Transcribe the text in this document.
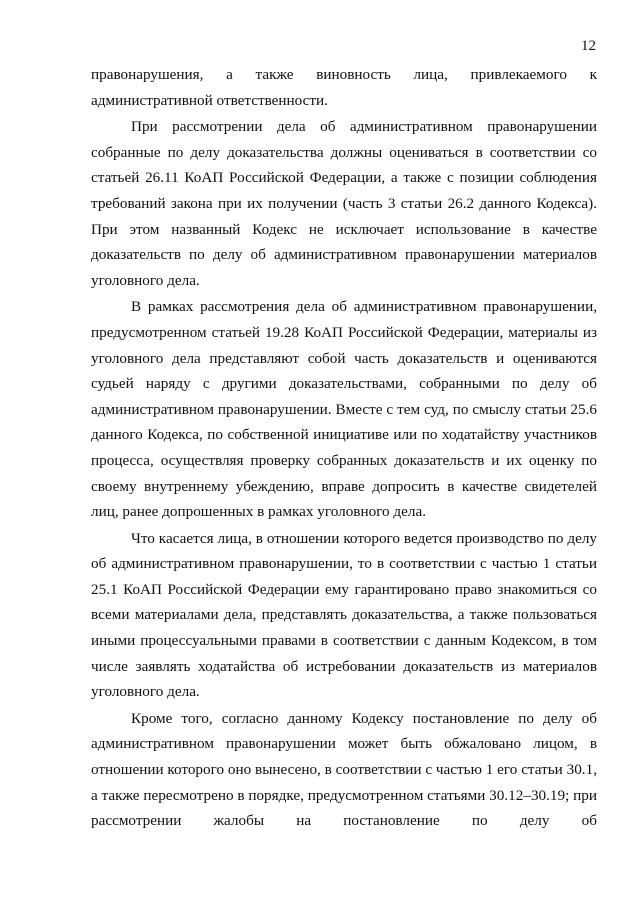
12

правонарушения, а также виновность лица, привлекаемого к административной ответственности.

При рассмотрении дела об административном правонарушении собранные по делу доказательства должны оцениваться в соответствии со статьей 26.11 КоАП Российской Федерации, а также с позиции соблюдения требований закона при их получении (часть 3 статьи 26.2 данного Кодекса). При этом названный Кодекс не исключает использование в качестве доказательств по делу об административном правонарушении материалов уголовного дела.

В рамках рассмотрения дела об административном правонарушении, предусмотренном статьей 19.28 КоАП Российской Федерации, материалы из уголовного дела представляют собой часть доказательств и оцениваются судьей наряду с другими доказательствами, собранными по делу об административном правонарушении. Вместе с тем суд, по смыслу статьи 25.6 данного Кодекса, по собственной инициативе или по ходатайству участников процесса, осуществляя проверку собранных доказательств и их оценку по своему внутреннему убеждению, вправе допросить в качестве свидетелей лиц, ранее допрошенных в рамках уголовного дела.

Что касается лица, в отношении которого ведется производство по делу об административном правонарушении, то в соответствии с частью 1 статьи 25.1 КоАП Российской Федерации ему гарантировано право знакомиться со всеми материалами дела, представлять доказательства, а также пользоваться иными процессуальными правами в соответствии с данным Кодексом, в том числе заявлять ходатайства об истребовании доказательств из материалов уголовного дела.

Кроме того, согласно данному Кодексу постановление по делу об административном правонарушении может быть обжаловано лицом, в отношении которого оно вынесено, в соответствии с частью 1 его статьи 30.1, а также пересмотрено в порядке, предусмотренном статьями 30.12–30.19; при рассмотрении жалобы на постановление по делу об
